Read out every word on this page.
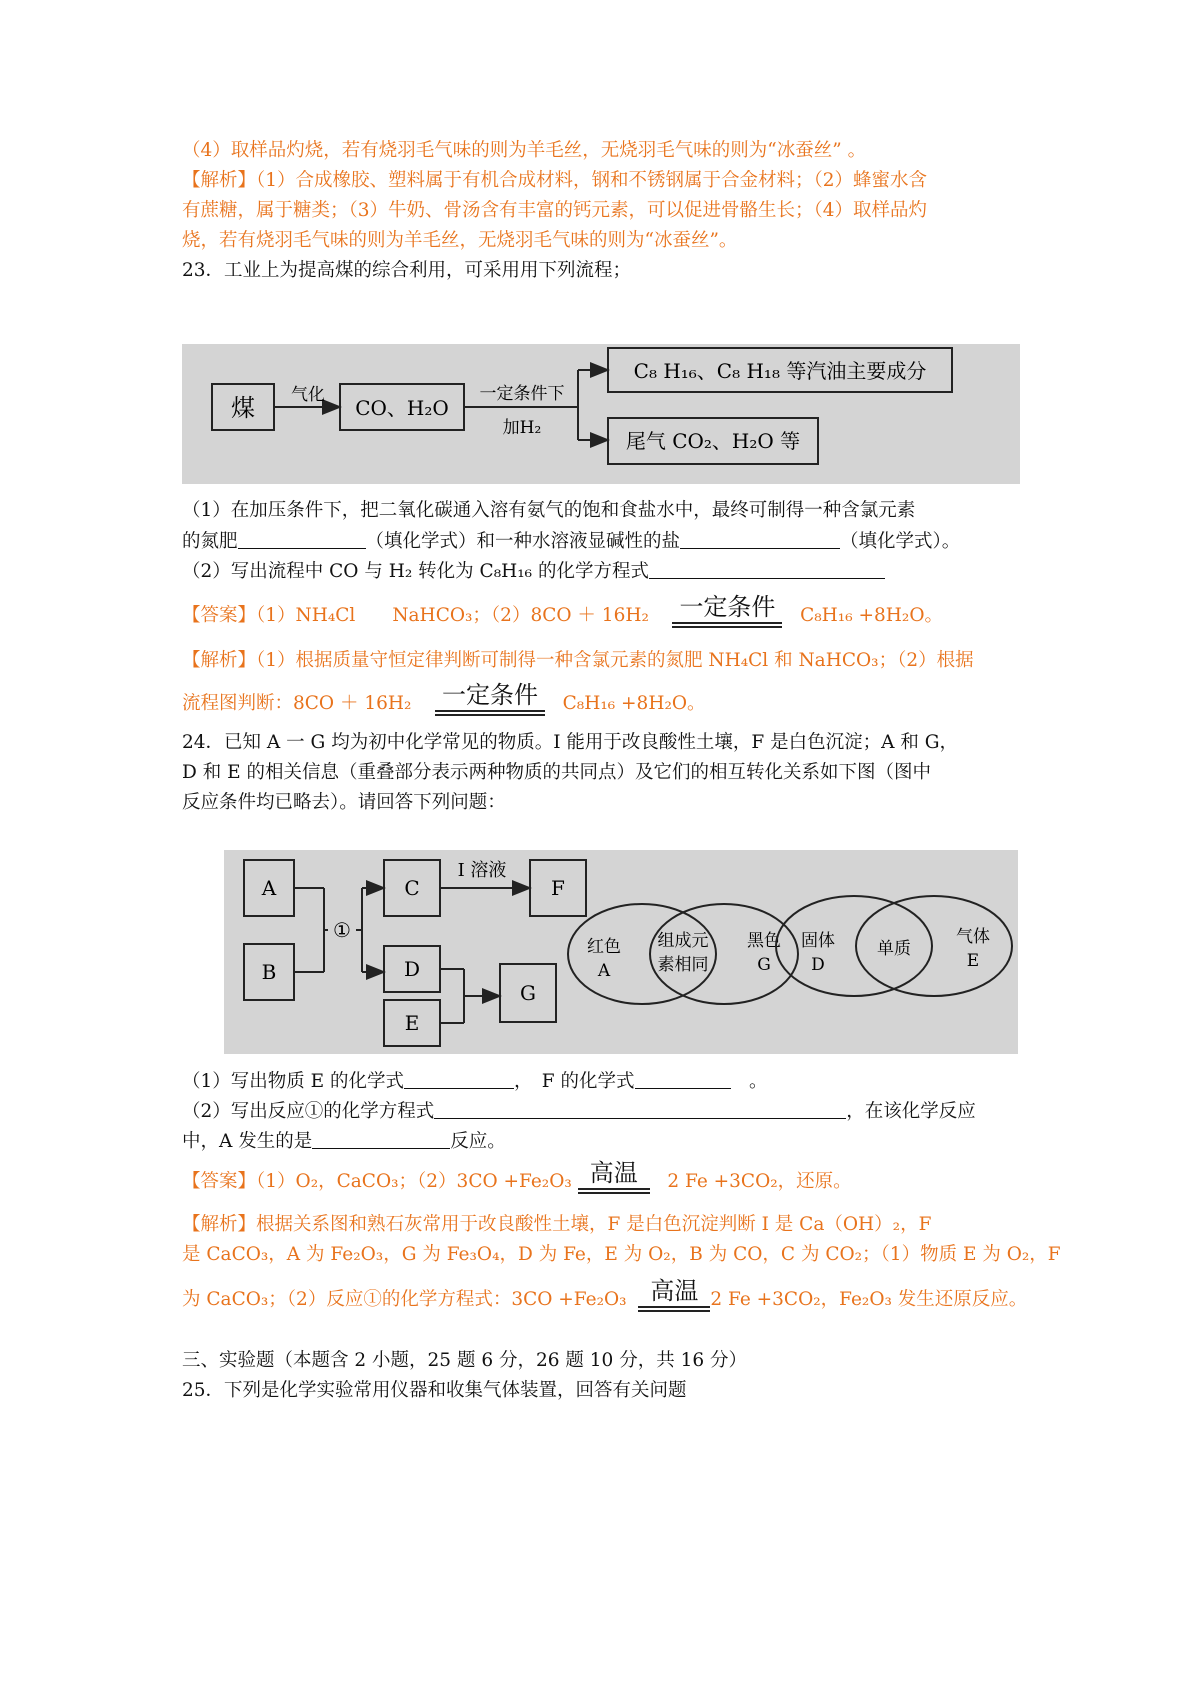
（4）取样品灼烧，若有烧羽毛气味的则为羊毛丝，无烧羽毛气味的则为“冰蚕丝” 。
【解析】（1）合成橡胶、塑料属于有机合成材料，钢和不锈钢属于合金材料；（2）蜂蜜水含
有蔗糖，属于糖类；（3）牛奶、骨汤含有丰富的钙元素，可以促进骨骼生长；（4）取样品灼
烧，若有烧羽毛气味的则为羊毛丝，无烧羽毛气味的则为“冰蚕丝”。
23．工业上为提高煤的综合利用，可采用用下列流程；
煤 气化
CO、H₂O
一定条件下
加H₂
C₈ H₁₆、C₈ H₁₈ 等汽油主要成分
尾气 CO₂、H₂O 等
（1）在加压条件下，把二氧化碳通入溶有氨气的饱和食盐水中，最终可制得一种含氯元素
的氮肥	（填化学式）和一种水溶液显碱性的盐	（填化学式）。
（2）写出流程中 CO 与 H₂ 转化为 C₈H₁₆ 的化学方程式
【答案】（1）NH₄Cl　　NaHCO₃；（2）8CO ＋ 16H₂ 一定条件	C₈H₁₆ +8H₂O。
【解析】（1）根据质量守恒定律判断可制得一种含氯元素的氮肥 NH₄Cl 和 NaHCO₃；（2）根据
流程图判断：8CO ＋ 16H₂ 一定条件	C₈H₁₆ +8H₂O。
24．已知 A 一 G 均为初中化学常见的物质。I 能用于改良酸性土壤，F 是白色沉淀；A 和 G，
D 和 E 的相关信息（重叠部分表示两种物质的共同点）及它们的相互转化关系如下图（图中
反应条件均已略去）。请回答下列问题：
A
B
①
C
I 溶液
F
D
E
G
红色
A
组成元
素相同
黑色
G
固体
D
单质
气体
E
（1）写出物质 E 的化学式	，　F 的化学式	　。
（2）写出反应①的化学方程式	，在该化学反应
中，A 发生的是	反应。
【答案】（1）O₂，CaCO₃；（2）3CO +Fe₂O₃ 高温	2 Fe +3CO₂，还原。
【解析】根据关系图和熟石灰常用于改良酸性土壤，F 是白色沉淀判断 I 是 Ca（OH）₂，F
是 CaCO₃，A 为 Fe₂O₃，G 为 Fe₃O₄，D 为 Fe，E 为 O₂，B 为 CO，C 为 CO₂；（1）物质 E 为 O₂，F
为 CaCO₃；（2）反应①的化学方程式：3CO +Fe₂O₃ 高温 2 Fe +3CO₂，Fe₂O₃ 发生还原反应。
三、实验题（本题含 2 小题，25 题 6 分，26 题 10 分，共 16 分）
25．下列是化学实验常用仪器和收集气体装置，回答有关问题
